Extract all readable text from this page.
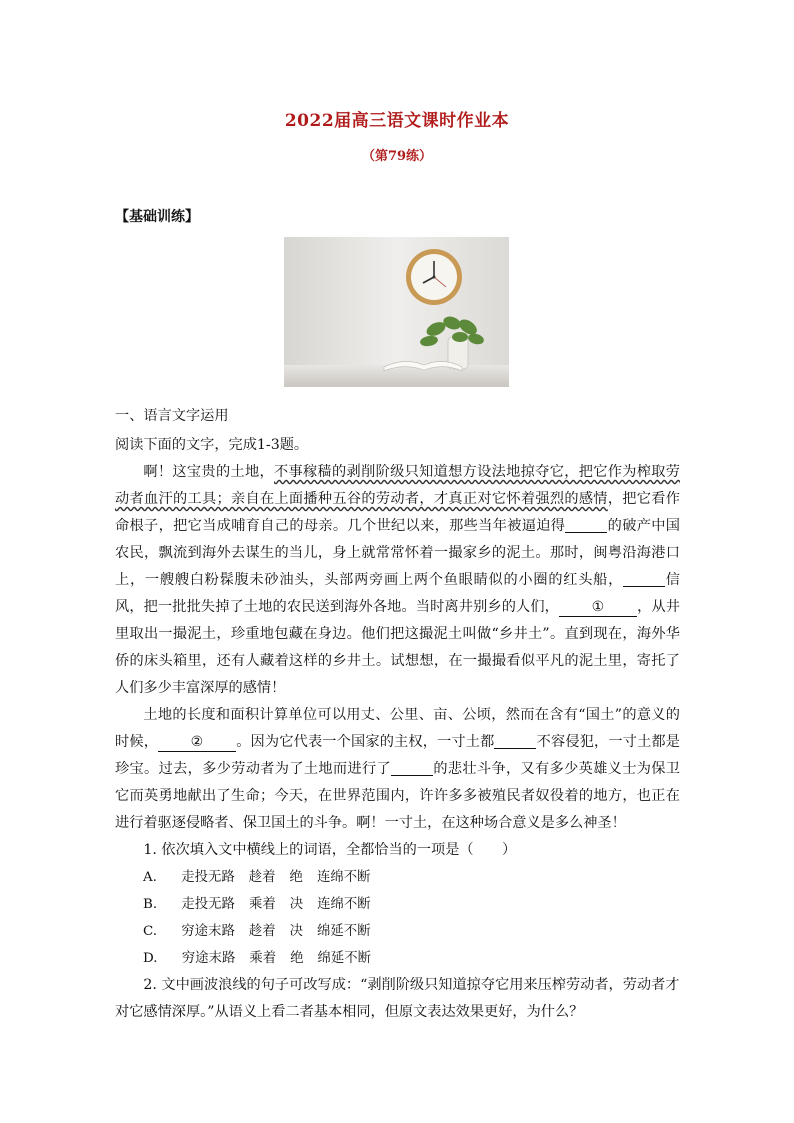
2022届高三语文课时作业本
（第79练）
【基础训练】
一、语言文字运用

阅读下面的文字，完成1-3题。

啊！这宝贵的土地，不事稼穑的剥削阶级只知道想方设法地掠夺它，把它作为榨取劳动者血汗的工具；亲自在上面播种五谷的劳动者，才真正对它怀着强烈的感情，把它看作命根子，把它当成哺育自己的母亲。几个世纪以来，那些当年被逼迫得	的破产中国农民，飘流到海外去谋生的当儿，身上就常常怀着一撮家乡的泥土。那时，闽粤沿海港口上，一艘艘白粉髹腹未砂油头，头部两旁画上两个鱼眼睛似的小圈的红头船，	信风，把一批批失掉了土地的农民送到海外各地。当时离井别乡的人们， ① ，从井里取出一撮泥土，珍重地包藏在身边。他们把这撮泥土叫做“乡井土”。直到现在，海外华侨的床头箱里，还有人藏着这样的乡井土。试想想，在一撮撮看似平凡的泥土里，寄托了人们多少丰富深厚的感情！

土地的长度和面积计算单位可以用丈、公里、亩、公顷，然而在含有“国土”的意义的时候， ② 。因为它代表一个国家的主权，一寸土都	不容侵犯，一寸土都是珍宝。过去，多少劳动者为了土地而进行了	的悲壮斗争，又有多少英雄义士为保卫它而英勇地献出了生命；今天，在世界范围内，许许多多被殖民者奴役着的地方，也正在进行着驱逐侵略者、保卫国土的斗争。啊！一寸土，在这种场合意义是多么神圣！

1. 依次填入文中横线上的词语，全都恰当的一项是（　　）

A. 走投无路 趁着 绝 连绵不断

B. 走投无路 乘着 决 连绵不断

C. 穷途末路 趁着 决 绵延不断

D. 穷途末路 乘着 绝 绵延不断

2. 文中画波浪线的句子可改写成：“剥削阶级只知道掠夺它用来压榨劳动者，劳动者才对它感情深厚。”从语义上看二者基本相同，但原文表达效果更好，为什么？
